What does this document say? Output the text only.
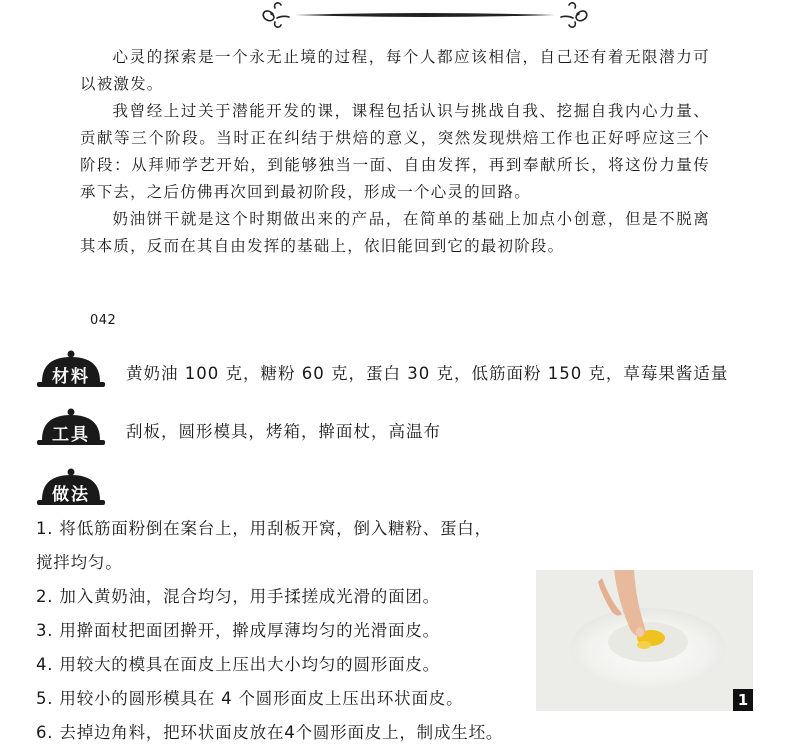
心灵的探索是一个永无止境的过程，每个人都应该相信，自己还有着无限潜力可以被激发。

我曾经上过关于潜能开发的课，课程包括认识与挑战自我、挖掘自我内心力量、贡献等三个阶段。当时正在纠结于烘焙的意义，突然发现烘焙工作也正好呼应这三个阶段：从拜师学艺开始，到能够独当一面、自由发挥，再到奉献所长，将这份力量传承下去，之后仿佛再次回到最初阶段，形成一个心灵的回路。

奶油饼干就是这个时期做出来的产品，在简单的基础上加点小创意，但是不脱离其本质，反而在其自由发挥的基础上，依旧能回到它的最初阶段。

042
材料	黄奶油 100 克，糖粉 60 克，蛋白 30 克，低筋面粉 150 克，草莓果酱适量
工具	刮板，圆形模具，烤箱，擀面杖，高温布
做法
1. 将低筋面粉倒在案台上，用刮板开窝，倒入糖粉、蛋白，
搅拌均匀。
2. 加入黄奶油，混合均匀，用手揉搓成光滑的面团。
3. 用擀面杖把面团擀开，擀成厚薄均匀的光滑面皮。
4. 用较大的模具在面皮上压出大小均匀的圆形面皮。
5. 用较小的圆形模具在 4 个圆形面皮上压出环状面皮。
6. 去掉边角料，把环状面皮放在4个圆形面皮上，制成生坯。
1
